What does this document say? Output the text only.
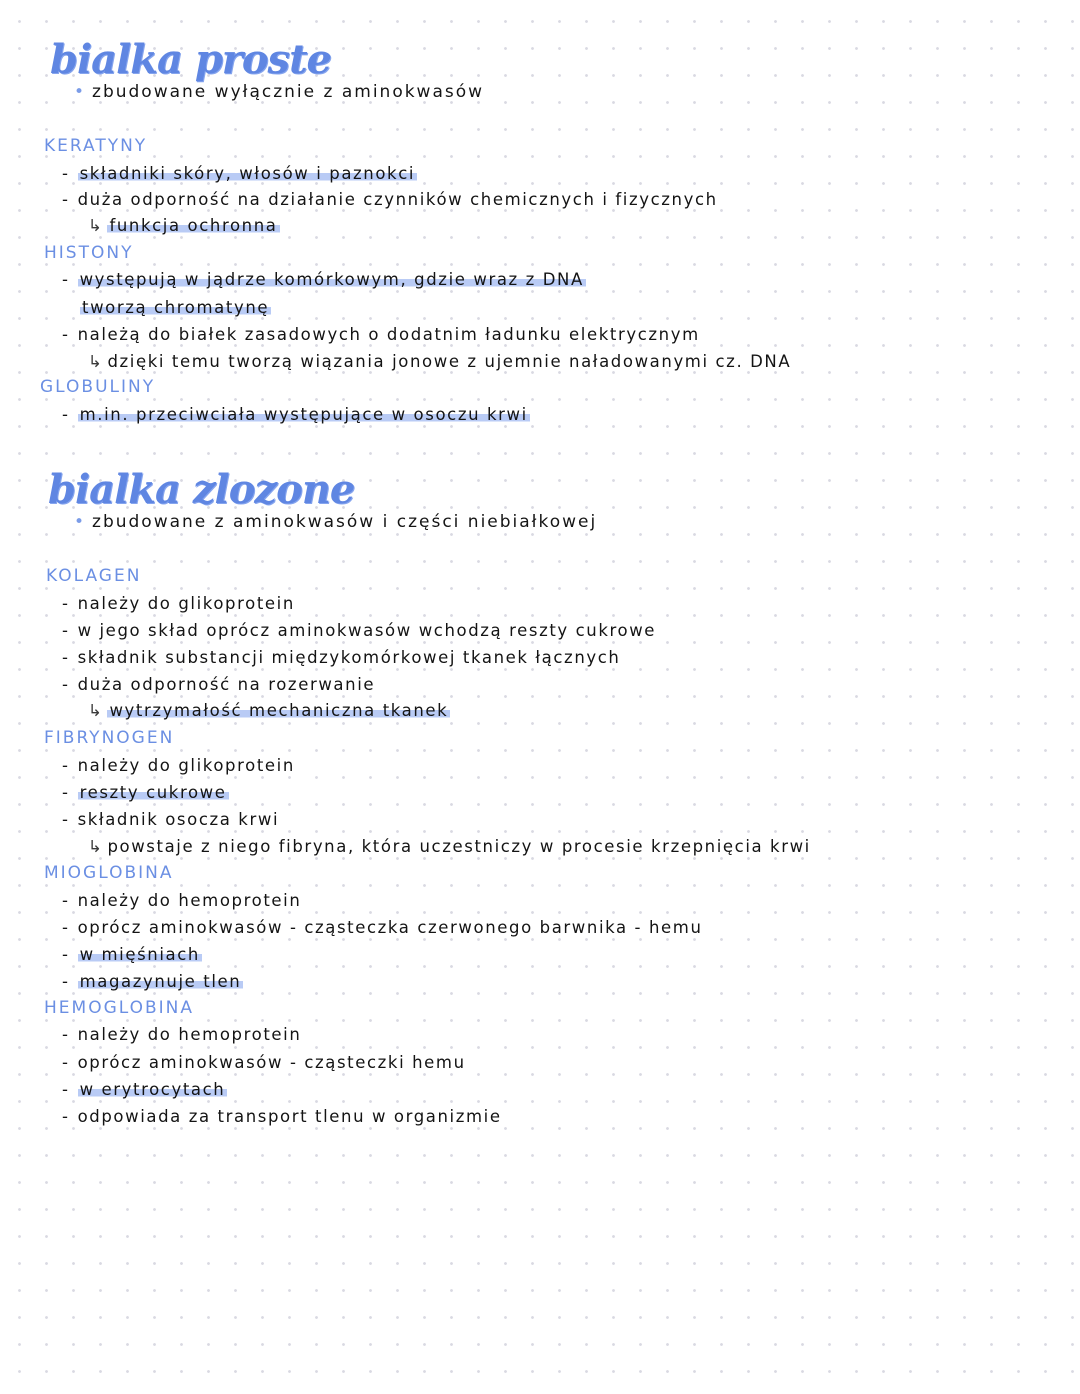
bialka proste

• zbudowane wyłącznie z aminokwasów

KERATYNY
- składniki skóry, włosów i paznokci
- duża odporność na działanie czynników chemicznych i fizycznych
↳ funkcja ochronna
HISTONY
- występują w jądrze komórkowym, gdzie wraz z DNA
tworzą chromatynę
- należą do białek zasadowych o dodatnim ładunku elektrycznym
↳ dzięki temu tworzą wiązania jonowe z ujemnie naładowanymi cz. DNA
GLOBULINY
- m.in. przeciwciała występujące w osoczu krwi
bialka zlozone

• zbudowane z aminokwasów i części niebiałkowej

KOLAGEN
- należy do glikoprotein
- w jego skład oprócz aminokwasów wchodzą reszty cukrowe
- składnik substancji międzykomórkowej tkanek łącznych
- duża odporność na rozerwanie
↳ wytrzymałość mechaniczna tkanek
FIBRYNOGEN
- należy do glikoprotein
- reszty cukrowe
- składnik osocza krwi
↳ powstaje z niego fibryna, która uczestniczy w procesie krzepnięcia krwi
MIOGLOBINA
- należy do hemoprotein
- oprócz aminokwasów - cząsteczka czerwonego barwnika - hemu
- w mięśniach
- magazynuje tlen
HEMOGLOBINA
- należy do hemoprotein
- oprócz aminokwasów - cząsteczki hemu
- w erytrocytach
- odpowiada za transport tlenu w organizmie
